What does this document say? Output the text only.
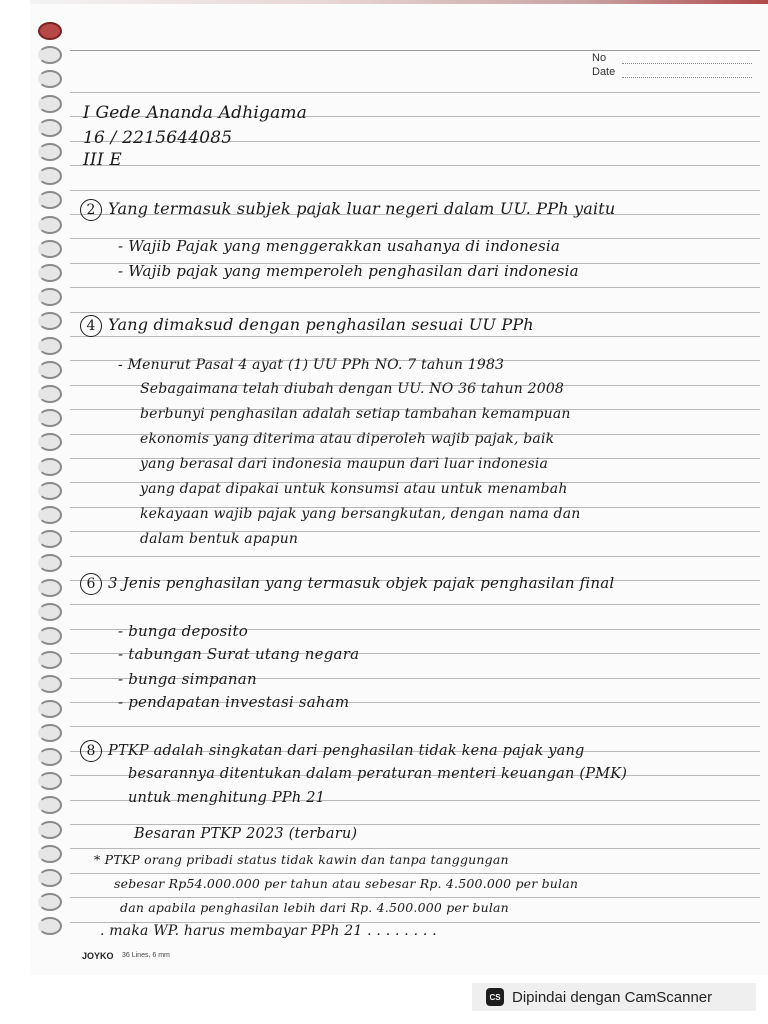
No
Date
I Gede Ananda Adhigama
16 / 2215644085
III E
2 Yang termasuk subjek pajak luar negeri dalam UU. PPh yaitu
- Wajib Pajak yang menggerakkan usahanya di indonesia
- Wajib pajak yang memperoleh penghasilan dari indonesia
4 Yang dimaksud dengan penghasilan sesuai UU PPh
- Menurut Pasal 4 ayat (1) UU PPh NO. 7 tahun 1983
Sebagaimana telah diubah dengan UU. NO 36 tahun 2008
berbunyi penghasilan adalah setiap tambahan kemampuan
ekonomis yang diterima atau diperoleh wajib pajak, baik
yang berasal dari indonesia maupun dari luar indonesia
yang dapat dipakai untuk konsumsi atau untuk menambah
kekayaan wajib pajak yang bersangkutan, dengan nama dan
dalam bentuk apapun
6 3 Jenis penghasilan yang termasuk objek pajak penghasilan final
- bunga deposito
- tabungan Surat utang negara
- bunga simpanan
- pendapatan investasi saham
8 PTKP adalah singkatan dari penghasilan tidak kena pajak yang
besarannya ditentukan dalam peraturan menteri keuangan (PMK)
untuk menghitung PPh 21
Besaran PTKP 2023 (terbaru)
* PTKP orang pribadi status tidak kawin dan tanpa tanggungan
sebesar Rp54.000.000 per tahun atau sebesar Rp. 4.500.000 per bulan
dan apabila penghasilan lebih dari Rp. 4.500.000 per bulan
. maka WP. harus membayar PPh 21 . . . . . . . .
JOYKO 36 Lines, 6 mm
CS Dipindai dengan CamScanner
